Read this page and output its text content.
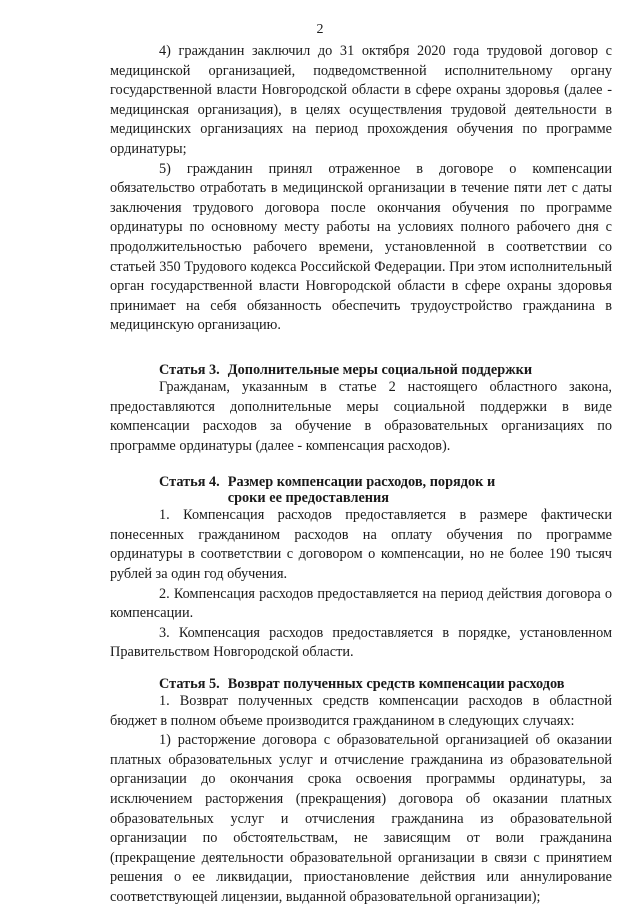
2

4) гражданин заключил до 31 октября 2020 года трудовой договор с медицинской организацией, подведомственной исполнительному органу государственной власти Новгородской области в сфере охраны здоровья (далее - медицинская организация), в целях осуществления трудовой деятельности в медицинских организациях на период прохождения обучения по программе ординатуры;

5) гражданин принял отраженное в договоре о компенсации обязательство отработать в медицинской организации в течение пяти лет с даты заключения трудового договора после окончания обучения по программе ординатуры по основному месту работы на условиях полного рабочего дня с продолжительностью рабочего времени, установленной в соответствии со статьей 350 Трудового кодекса Российской Федерации. При этом исполнительный орган государственной власти Новгородской области в сфере охраны здоровья принимает на себя обязанность обеспечить трудоустройство гражданина в медицинскую организацию.

Статья 3. Дополнительные меры социальной поддержки

Гражданам, указанным в статье 2 настоящего областного закона, предоставляются дополнительные меры социальной поддержки в виде компенсации расходов за обучение в образовательных организациях по программе ординатуры (далее - компенсация расходов).

Статья 4. Размер компенсации расходов, порядок и
сроки ее предоставления

1. Компенсация расходов предоставляется в размере фактически понесенных гражданином расходов на оплату обучения по программе ординатуры в соответствии с договором о компенсации, но не более 190 тысяч рублей за один год обучения.

2. Компенсация расходов предоставляется на период действия договора о компенсации.

3. Компенсация расходов предоставляется в порядке, установленном Правительством Новгородской области.

Статья 5. Возврат полученных средств компенсации расходов

1. Возврат полученных средств компенсации расходов в областной бюджет в полном объеме производится гражданином в следующих случаях:

1) расторжение договора с образовательной организацией об оказании платных образовательных услуг и отчисление гражданина из образовательной организации до окончания срока освоения программы ординатуры, за исключением расторжения (прекращения) договора об оказании платных образовательных услуг и отчисления гражданина из образовательной организации по обстоятельствам, не зависящим от воли гражданина (прекращение деятельности образовательной организации в связи с принятием решения о ее ликвидации, приостановление действия или аннулирование соответствующей лицензии, выданной образовательной организации);
